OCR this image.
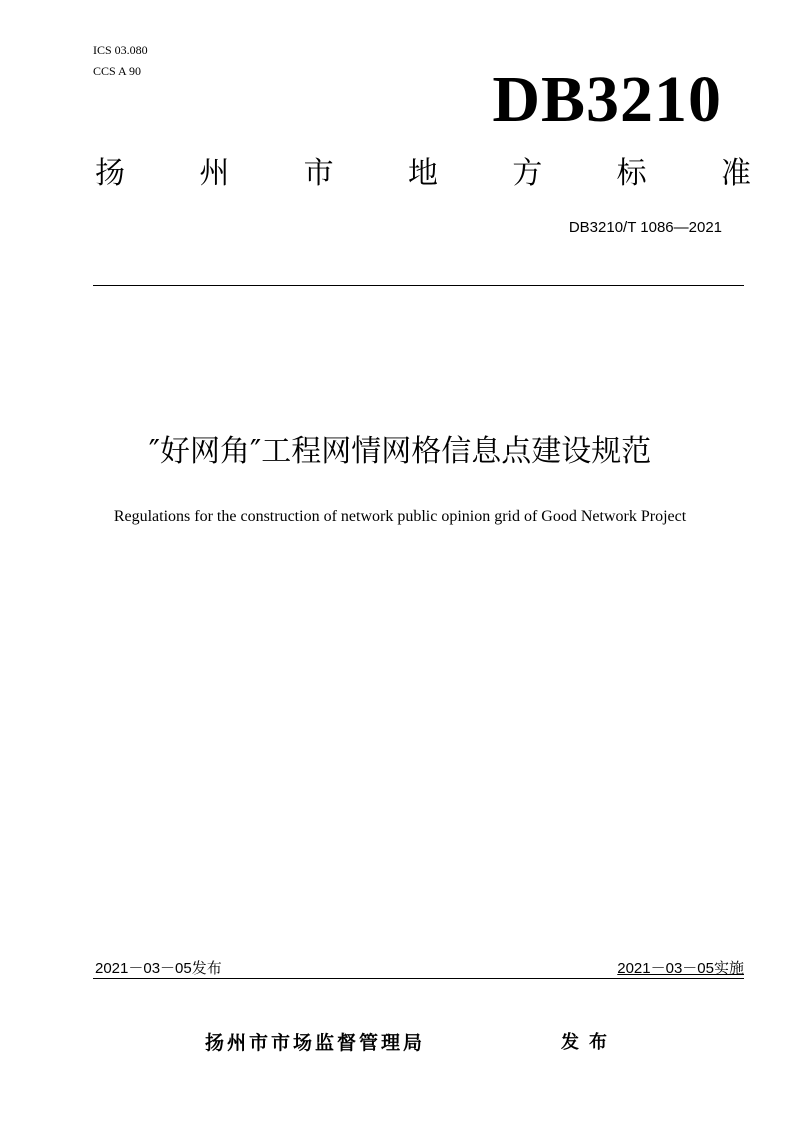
ICS 03.080
CCS A 90	DB3210
扬 州 市 地 方 标 准
DB3210/T 1086—2021
″好网角″工程网情网格信息点建设规范
Regulations for the construction of network public opinion grid of Good Network Project
2021－03－05发布	2021－03－05实施
扬州市市场监督管理局	发布
